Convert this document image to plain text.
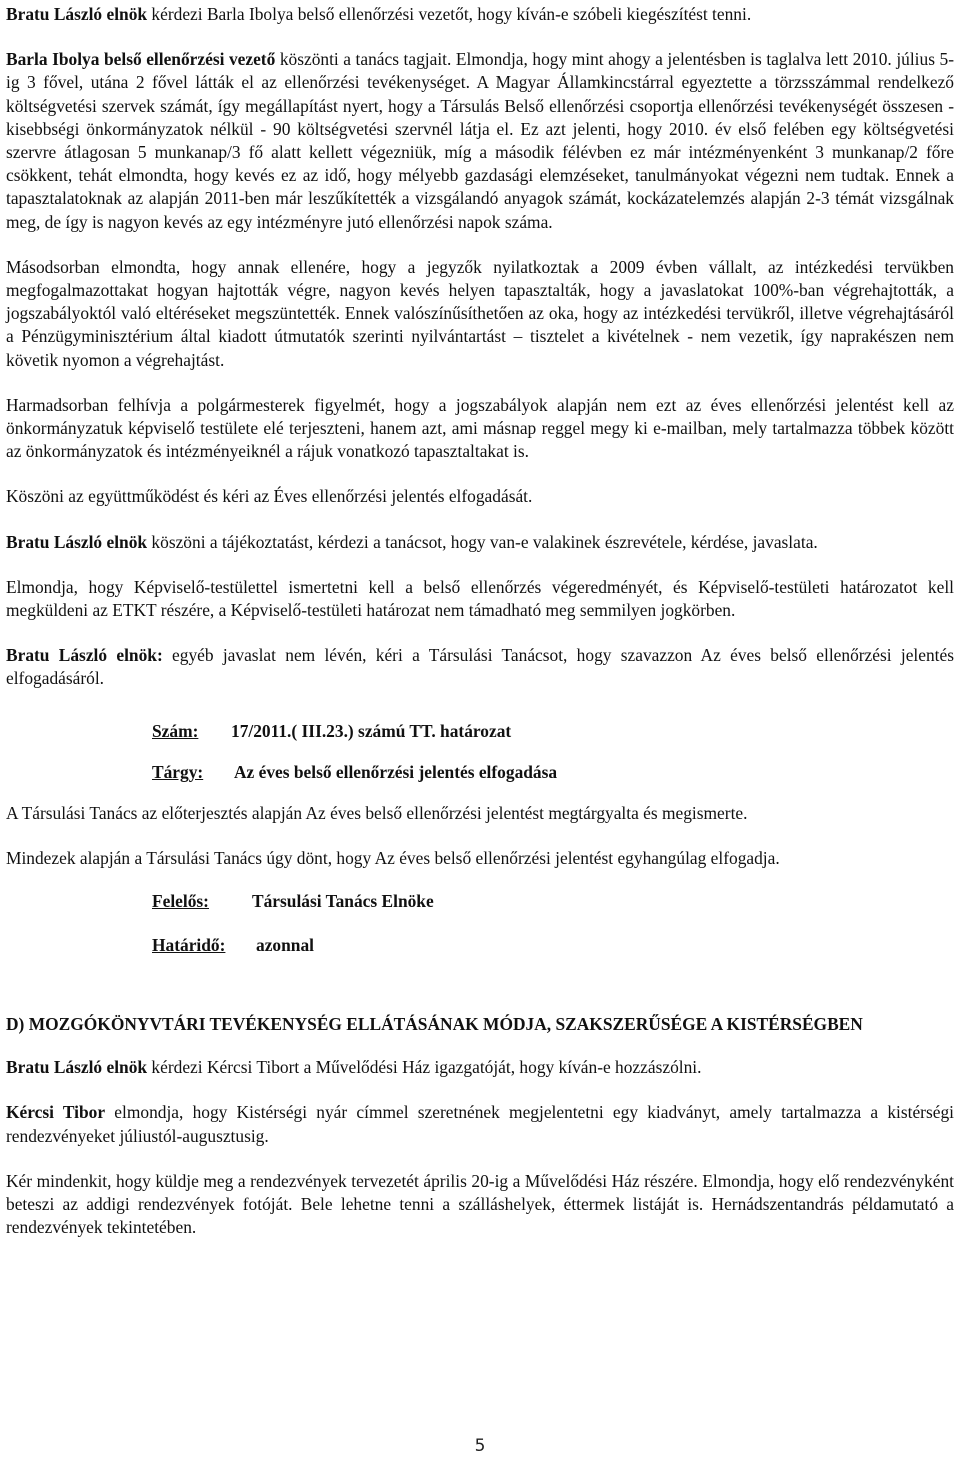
Bratu László elnök kérdezi Barla Ibolya belső ellenőrzési vezetőt, hogy kíván-e szóbeli kiegészítést tenni.

Barla Ibolya belső ellenőrzési vezető köszönti a tanács tagjait. Elmondja, hogy mint ahogy a jelentésben is taglalva lett 2010. július 5-ig 3 fővel, utána 2 fővel látták el az ellenőrzési tevékenységet. A Magyar Államkincstárral egyeztette a törzsszámmal rendelkező költségvetési szervek számát, így megállapítást nyert, hogy a Társulás Belső ellenőrzési csoportja ellenőrzési tevékenységét összesen - kisebbségi önkormányzatok nélkül - 90 költségvetési szervnél látja el. Ez azt jelenti, hogy 2010. év első felében egy költségvetési szervre átlagosan 5 munkanap/3 fő alatt kellett végezniük, míg a második félévben ez már intézményenként 3 munkanap/2 főre csökkent, tehát elmondta, hogy kevés ez az idő, hogy mélyebb gazdasági elemzéseket, tanulmányokat végezni nem tudtak. Ennek a tapasztalatoknak az alapján 2011-ben már leszűkítették a vizsgálandó anyagok számát, kockázatelemzés alapján 2-3 témát vizsgálnak meg, de így is nagyon kevés az egy intézményre jutó ellenőrzési napok száma.

Másodsorban elmondta, hogy annak ellenére, hogy a jegyzők nyilatkoztak a 2009 évben vállalt, az intézkedési tervükben megfogalmazottakat hogyan hajtották végre, nagyon kevés helyen tapasztalták, hogy a javaslatokat 100%-ban végrehajtották, a jogszabályoktól való eltéréseket megszüntették. Ennek valószínűsíthetően az oka, hogy az intézkedési tervükről, illetve végrehajtásáról a Pénzügyminisztérium által kiadott útmutatók szerinti nyilvántartást – tisztelet a kivételnek - nem vezetik, így naprakészen nem követik nyomon a végrehajtást.

Harmadsorban felhívja a polgármesterek figyelmét, hogy a jogszabályok alapján nem ezt az éves ellenőrzési jelentést kell az önkormányzatuk képviselő testülete elé terjeszteni, hanem azt, ami másnap reggel megy ki e-mailban, mely tartalmazza többek között az önkormányzatok és intézményeiknél a rájuk vonatkozó tapasztaltakat is.

Köszöni az együttműködést és kéri az Éves ellenőrzési jelentés elfogadását.

Bratu László elnök köszöni a tájékoztatást, kérdezi a tanácsot, hogy van-e valakinek észrevétele, kérdése, javaslata.

Elmondja, hogy Képviselő-testülettel ismertetni kell a belső ellenőrzés végeredményét, és Képviselő-testületi határozatot kell megküldeni az ETKT részére, a Képviselő-testületi határozat nem támadható meg semmilyen jogkörben.

Bratu László elnök: egyéb javaslat nem lévén, kéri a Társulási Tanácsot, hogy szavazzon Az éves belső ellenőrzési jelentés elfogadásáról.

Szám:	17/2011.( III.23.) számú TT. határozat
Tárgy:	Az éves belső ellenőrzési jelentés elfogadása

A Társulási Tanács az előterjesztés alapján Az éves belső ellenőrzési jelentést megtárgyalta és megismerte.

Mindezek alapján a Társulási Tanács úgy dönt, hogy Az éves belső ellenőrzési jelentést egyhangúlag elfogadja.

Felelős:	Társulási Tanács Elnöke
Határidő:	azonnal
D) MOZGÓKÖNYVTÁRI TEVÉKENYSÉG ELLÁTÁSÁNAK MÓDJA, SZAKSZERŰSÉGE A KISTÉRSÉGBEN

Bratu László elnök kérdezi Kércsi Tibort a Művelődési Ház igazgatóját, hogy kíván-e hozzászólni.

Kércsi Tibor elmondja, hogy Kistérségi nyár címmel szeretnének megjelentetni egy kiadványt, amely tartalmazza a kistérségi rendezvényeket júliustól-augusztusig.

Kér mindenkit, hogy küldje meg a rendezvények tervezetét április 20-ig a Művelődési Ház részére. Elmondja, hogy elő rendezvényként beteszi az addigi rendezvények fotóját. Bele lehetne tenni a szálláshelyek, éttermek listáját is. Hernádszentandrás példamutató a rendezvények tekintetében.

5
